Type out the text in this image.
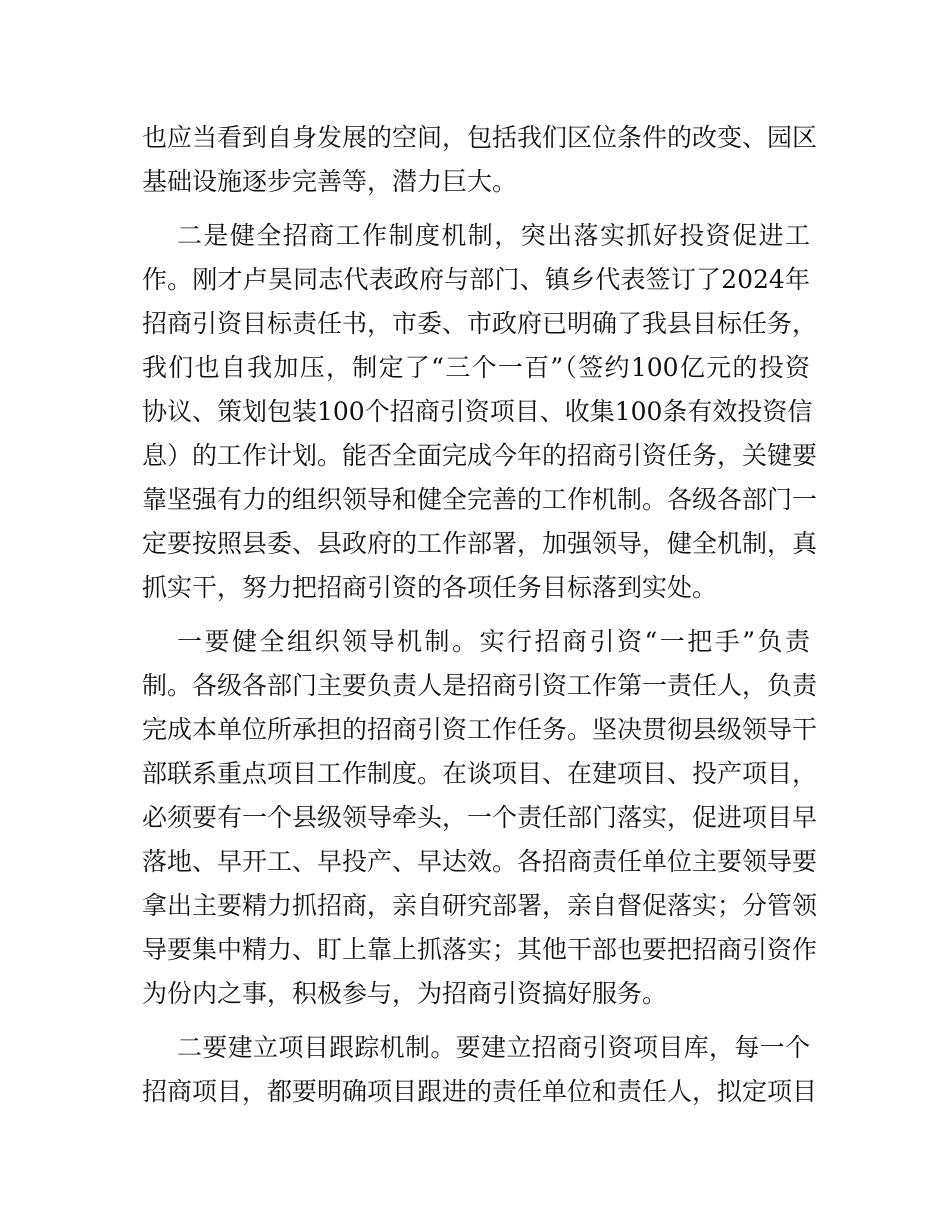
也应当看到自身发展的空间，包括我们区位条件的改变、园区
基础设施逐步完善等，潜力巨大。
二是健全招商工作制度机制，突出落实抓好投资促进工
作。刚才卢昊同志代表政府与部门、镇乡代表签订了2024年
招商引资目标责任书，市委、市政府已明确了我县目标任务，
我们也自我加压，制定了“三个一百”（签约100亿元的投资
协议、策划包装100个招商引资项目、收集100条有效投资信
息）的工作计划。能否全面完成今年的招商引资任务，关键要
靠坚强有力的组织领导和健全完善的工作机制。各级各部门一
定要按照县委、县政府的工作部署，加强领导，健全机制，真
抓实干，努力把招商引资的各项任务目标落到实处。
一要健全组织领导机制。实行招商引资“一把手”负责
制。各级各部门主要负责人是招商引资工作第一责任人，负责
完成本单位所承担的招商引资工作任务。坚决贯彻县级领导干
部联系重点项目工作制度。在谈项目、在建项目、投产项目，
必须要有一个县级领导牵头，一个责任部门落实，促进项目早
落地、早开工、早投产、早达效。各招商责任单位主要领导要
拿出主要精力抓招商，亲自研究部署，亲自督促落实；分管领
导要集中精力、盯上靠上抓落实；其他干部也要把招商引资作
为份内之事，积极参与，为招商引资搞好服务。
二要建立项目跟踪机制。要建立招商引资项目库，每一个
招商项目，都要明确项目跟进的责任单位和责任人，拟定项目
